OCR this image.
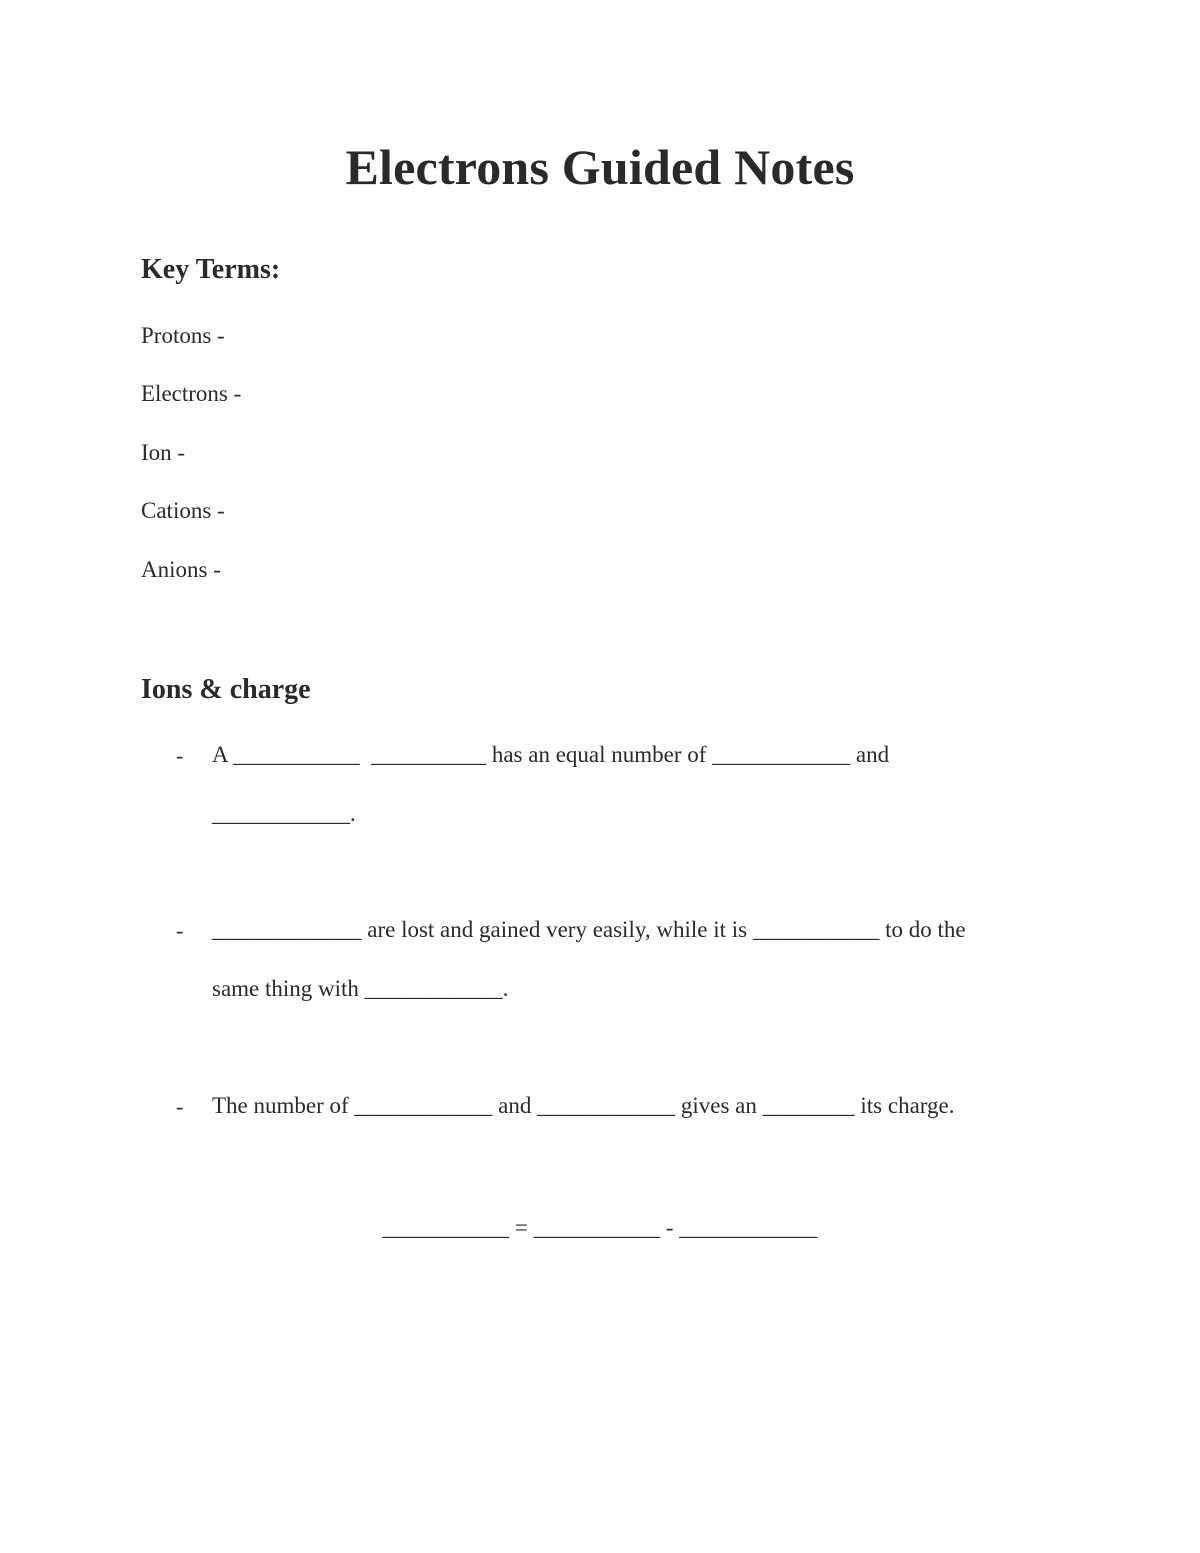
Electrons Guided Notes
Key Terms:
Protons -
Electrons -
Ion -
Cations -
Anions -
Ions & charge
- A ___________  __________ has an equal number of ____________ and
____________.
- _____________ are lost and gained very easily, while it is ___________ to do the
same thing with ____________.
- The number of ____________ and ____________ gives an ________ its charge.
___________ = ___________ - ____________
